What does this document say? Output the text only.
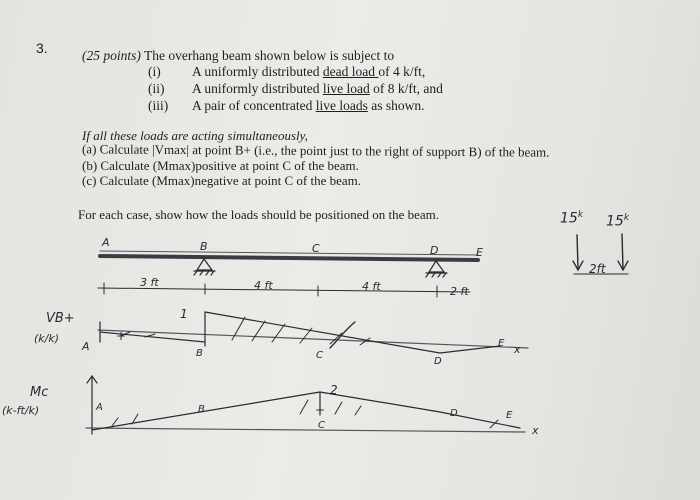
3.	(25 points) The overhang beam shown below is subject to
(i) A uniformly distributed dead load of 4 k/ft,
(ii) A uniformly distributed live load of 8 k/ft, and
(iii) A pair of concentrated live loads as shown.
If all these loads are acting simultaneously,
(a) Calculate |Vmax| at point B+ (i.e., the point just to the right of support B) of the beam.
(b) Calculate (Mmax)positive at point C of the beam.
(c) Calculate (Mmax)negative at point C of the beam.
For each case, show how the loads should be positioned on the beam.	15$^k$ 15$^k$
2ft
A	B	C	D	E
3 ft	4 ft	4 ft	2 ft
VB+
(k/k)
A
1
+
B	C
D
E x
Mc
(k-ft/k)	A
2
+
B
C
D	E
x
